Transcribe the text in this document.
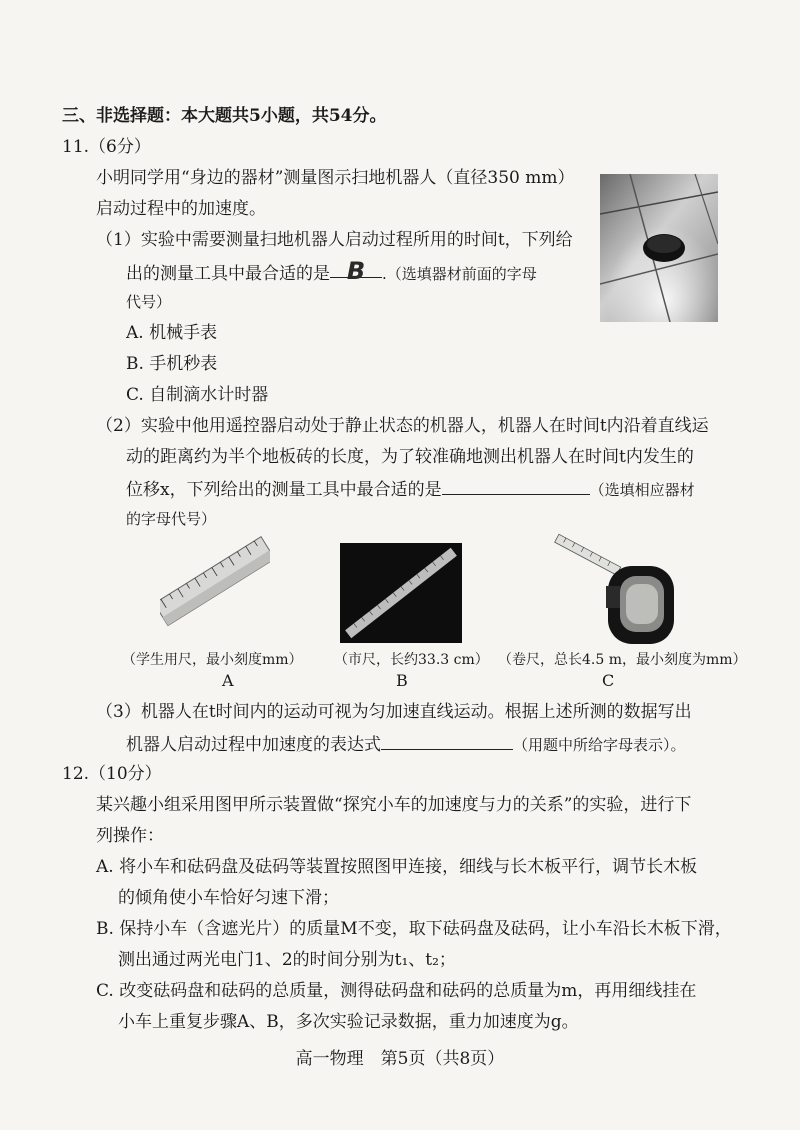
三、非选择题：本大题共5小题，共54分。
11.（6分）
小明同学用“身边的器材”测量图示扫地机器人（直径350 mm）
启动过程中的加速度。
（1）实验中需要测量扫地机器人启动过程所用的时间t，下列给
出的测量工具中最合适的是 B .（选填器材前面的字母
代号）
A. 机械手表
B. 手机秒表
C. 自制滴水计时器
（2）实验中他用遥控器启动处于静止状态的机器人，机器人在时间t内沿着直线运
动的距离约为半个地板砖的长度，为了较准确地测出机器人在时间t内发生的
位移x，下列给出的测量工具中最合适的是	（选填相应器材
的字母代号）
（学生用尺，最小刻度mm） （市尺，长约33.3 cm） （卷尺，总长4.5 m，最小刻度为mm）
A	B	C
（3）机器人在t时间内的运动可视为匀加速直线运动。根据上述所测的数据写出
机器人启动过程中加速度的表达式	（用题中所给字母表示）。
12.（10分）
某兴趣小组采用图甲所示装置做“探究小车的加速度与力的关系”的实验，进行下
列操作：
A. 将小车和砝码盘及砝码等装置按照图甲连接，细线与长木板平行，调节长木板
的倾角使小车恰好匀速下滑；
B. 保持小车（含遮光片）的质量M不变，取下砝码盘及砝码，让小车沿长木板下滑，
测出通过两光电门1、2的时间分别为t₁、t₂；
C. 改变砝码盘和砝码的总质量，测得砝码盘和砝码的总质量为m，再用细线挂在
小车上重复步骤A、B，多次实验记录数据，重力加速度为g。
高一物理　第5页（共8页）
